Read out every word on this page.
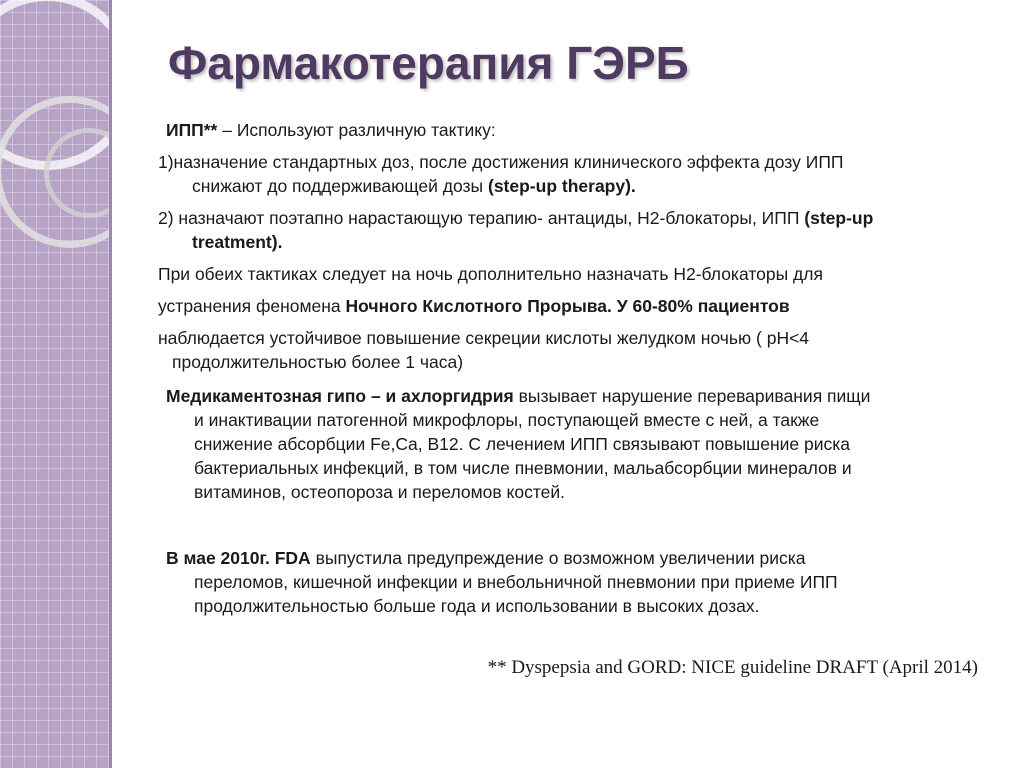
Фармакотерапия ГЭРБ
ИПП** – Используют различную тактику:
1)назначение стандартных доз, после достижения клинического эффекта дозу ИПП
снижают до поддерживающей дозы (step-up therapy).
2) назначают поэтапно нарастающую терапию- антациды, Н2-блокаторы, ИПП (step-up
treatment).
При обеих тактиках следует на ночь дополнительно назначать Н2-блокаторы для
устранения феномена Ночного Кислотного Прорыва. У 60-80% пациентов
наблюдается устойчивое повышение секреции кислоты желудком ночью ( pH<4
продолжительностью более 1 часа)
Медикаментозная гипо – и ахлоргидрия вызывает нарушение переваривания пищи
и инактивации патогенной микрофлоры, поступающей вместе с ней, а также
снижение абсорбции Fe,Ca, B12. С лечением ИПП связывают повышение риска
бактериальных инфекций, в том числе пневмонии, мальабсорбции минералов и
витаминов, остеопороза и переломов костей.
В мае 2010г. FDA выпустила предупреждение о возможном увеличении риска
переломов, кишечной инфекции и внебольничной пневмонии при приеме ИПП
продолжительностью больше года и использовании в высоких дозах.
** Dyspepsia and GORD: NICE guideline DRAFT (April 2014)
